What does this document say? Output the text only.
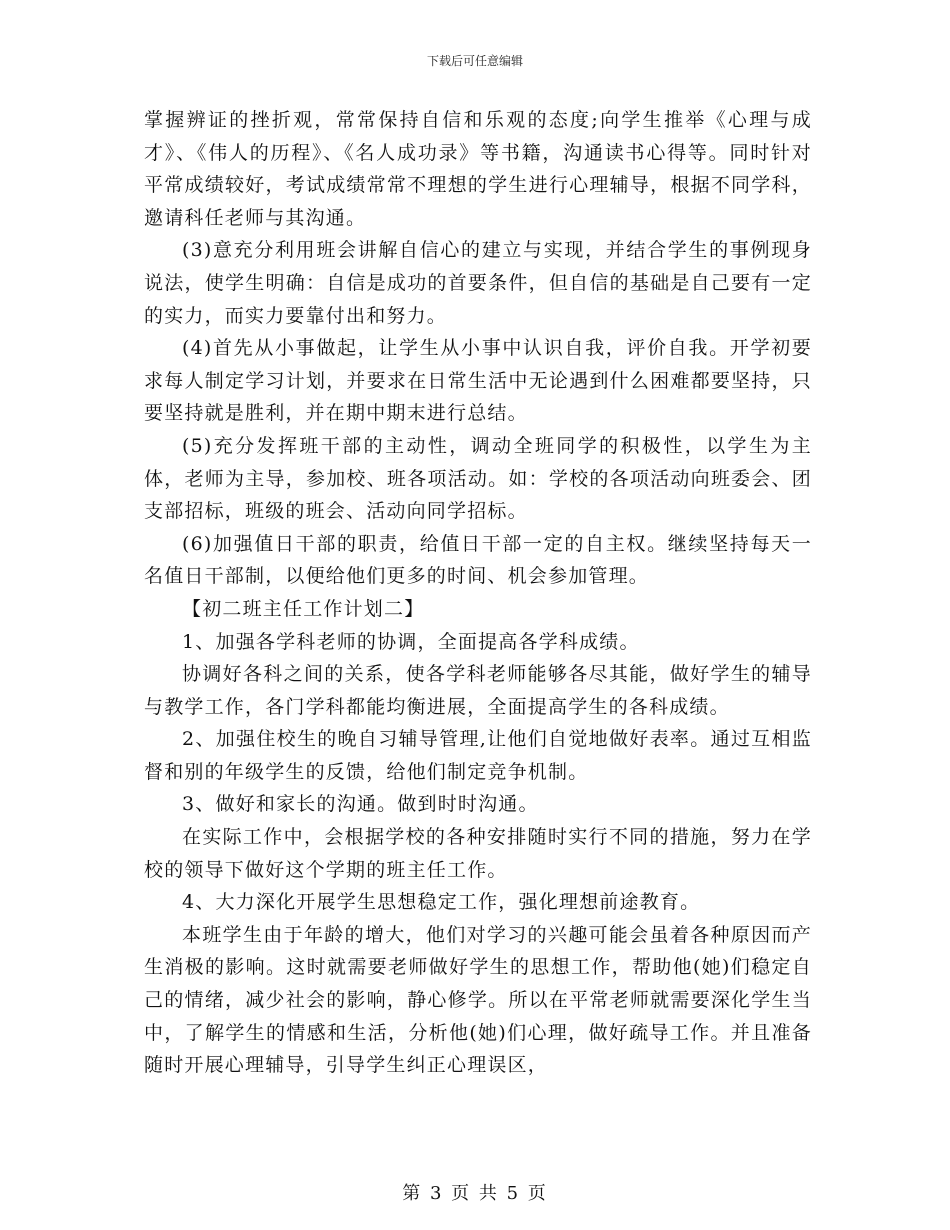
下载后可任意编辑

掌握辨证的挫折观，常常保持自信和乐观的态度;向学生推举《心理与成才》、《伟人的历程》、《名人成功录》等书籍，沟通读书心得等。同时针对平常成绩较好，考试成绩常常不理想的学生进行心理辅导，根据不同学科，邀请科任老师与其沟通。

(3)意充分利用班会讲解自信心的建立与实现，并结合学生的事例现身说法，使学生明确：自信是成功的首要条件，但自信的基础是自己要有一定的实力，而实力要靠付出和努力。

(4)首先从小事做起，让学生从小事中认识自我，评价自我。开学初要求每人制定学习计划，并要求在日常生活中无论遇到什么困难都要坚持，只要坚持就是胜利，并在期中期末进行总结。

(5)充分发挥班干部的主动性，调动全班同学的积极性，以学生为主体，老师为主导，参加校、班各项活动。如：学校的各项活动向班委会、团支部招标，班级的班会、活动向同学招标。

(6)加强值日干部的职责，给值日干部一定的自主权。继续坚持每天一名值日干部制，以便给他们更多的时间、机会参加管理。

【初二班主任工作计划二】

1、加强各学科老师的协调，全面提高各学科成绩。

协调好各科之间的关系，使各学科老师能够各尽其能，做好学生的辅导与教学工作，各门学科都能均衡进展，全面提高学生的各科成绩。

2、加强住校生的晚自习辅导管理,让他们自觉地做好表率。通过互相监督和别的年级学生的反馈，给他们制定竞争机制。

3、做好和家长的沟通。做到时时沟通。

在实际工作中，会根据学校的各种安排随时实行不同的措施，努力在学校的领导下做好这个学期的班主任工作。

4、大力深化开展学生思想稳定工作，强化理想前途教育。

本班学生由于年龄的增大，他们对学习的兴趣可能会虽着各种原因而产生消极的影响。这时就需要老师做好学生的思想工作，帮助他(她)们稳定自己的情绪，减少社会的影响，静心修学。所以在平常老师就需要深化学生当中，了解学生的情感和生活，分析他(她)们心理，做好疏导工作。并且准备随时开展心理辅导，引导学生纠正心理误区，

第 3 页 共 5 页
